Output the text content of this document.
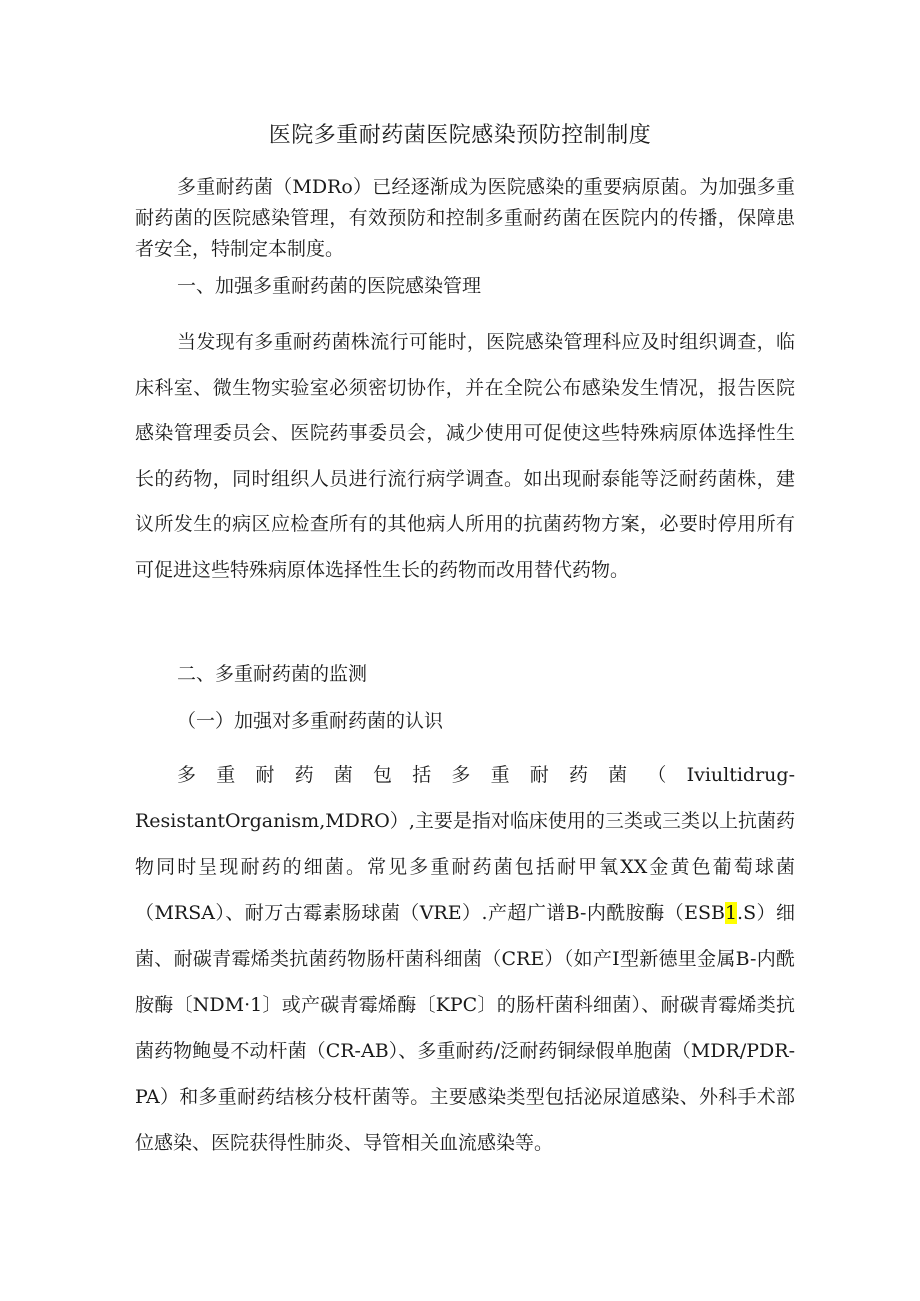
医院多重耐药菌医院感染预防控制制度

多重耐药菌（MDRo）已经逐渐成为医院感染的重要病原菌。为加强多重耐药菌的医院感染管理，有效预防和控制多重耐药菌在医院内的传播，保障患者安全，特制定本制度。

一、加强多重耐药菌的医院感染管理

当发现有多重耐药菌株流行可能时，医院感染管理科应及时组织调查，临床科室、微生物实验室必须密切协作，并在全院公布感染发生情况，报告医院感染管理委员会、医院药事委员会，减少使用可促使这些特殊病原体选择性生长的药物，同时组织人员进行流行病学调查。如出现耐泰能等泛耐药菌株，建议所发生的病区应检查所有的其他病人所用的抗菌药物方案，必要时停用所有可促进这些特殊病原体选择性生长的药物而改用替代药物。

二、多重耐药菌的监测

（一）加强对多重耐药菌的认识

多重耐药菌包括多重耐药菌（Iviultidrug-ResistantOrganism,MDRO）,主要是指对临床使用的三类或三类以上抗菌药物同时呈现耐药的细菌。常见多重耐药菌包括耐甲氧XX金黄色葡萄球菌（MRSA）、耐万古霉素肠球菌（VRE）.产超广谱B-内酰胺酶（ESB1.S）细菌、耐碳青霉烯类抗菌药物肠杆菌科细菌（CRE）（如产I型新德里金属B-内酰胺酶〔NDM·1〕或产碳青霉烯酶〔KPC〕的肠杆菌科细菌）、耐碳青霉烯类抗菌药物鲍曼不动杆菌（CR-AB）、多重耐药/泛耐药铜绿假单胞菌（MDR/PDR-PA）和多重耐药结核分枝杆菌等。主要感染类型包括泌尿道感染、外科手术部位感染、医院获得性肺炎、导管相关血流感染等。
